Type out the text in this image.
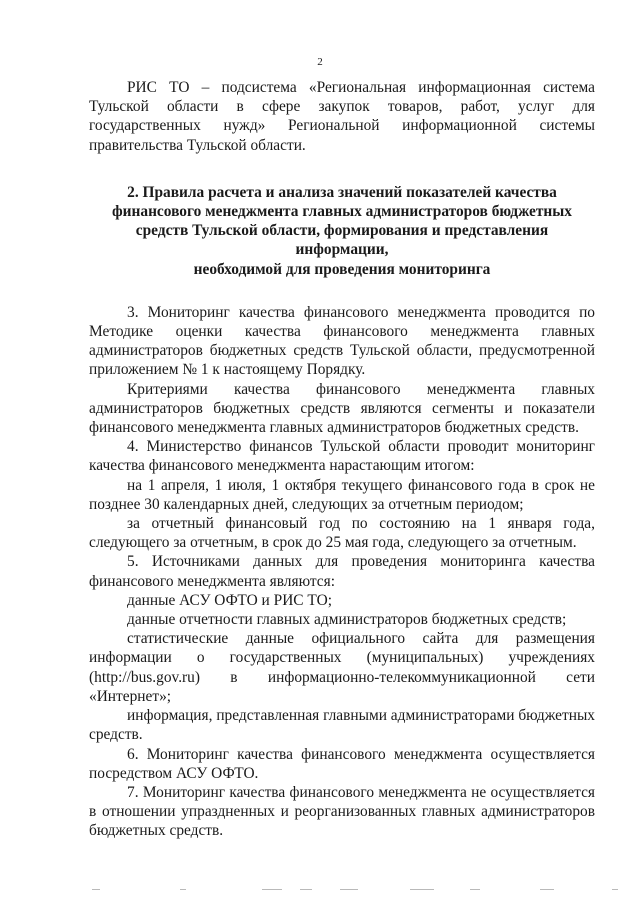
2

РИС ТО – подсистема «Региональная информационная система Тульской области в сфере закупок товаров, работ, услуг для государственных нужд» Региональной информационной системы правительства Тульской области.

2. Правила расчета и анализа значений показателей качества
финансового менеджмента главных администраторов бюджетных
средств Тульской области, формирования и представления информации,
необходимой для проведения мониторинга

3. Мониторинг качества финансового менеджмента проводится по Методике оценки качества финансового менеджмента главных администраторов бюджетных средств Тульской области, предусмотренной приложением № 1 к настоящему Порядку.

Критериями качества финансового менеджмента главных администраторов бюджетных средств являются сегменты и показатели финансового менеджмента главных администраторов бюджетных средств.

4. Министерство финансов Тульской области проводит мониторинг качества финансового менеджмента нарастающим итогом:

на 1 апреля, 1 июля, 1 октября текущего финансового года в срок не позднее 30 календарных дней, следующих за отчетным периодом;

за отчетный финансовый год по состоянию на 1 января года, следующего за отчетным, в срок до 25 мая года, следующего за отчетным.

5. Источниками данных для проведения мониторинга качества финансового менеджмента являются:

данные АСУ ОФТО и РИС ТО;

данные отчетности главных администраторов бюджетных средств;

статистические данные официального сайта для размещения информации о государственных (муниципальных) учреждениях (http://bus.gov.ru) в информационно-телекоммуникационной сети «Интернет»;

информация, представленная главными администраторами бюджетных средств.

6. Мониторинг качества финансового менеджмента осуществляется посредством АСУ ОФТО.

7. Мониторинг качества финансового менеджмента не осуществляется в отношении упраздненных и реорганизованных главных администраторов бюджетных средств.
